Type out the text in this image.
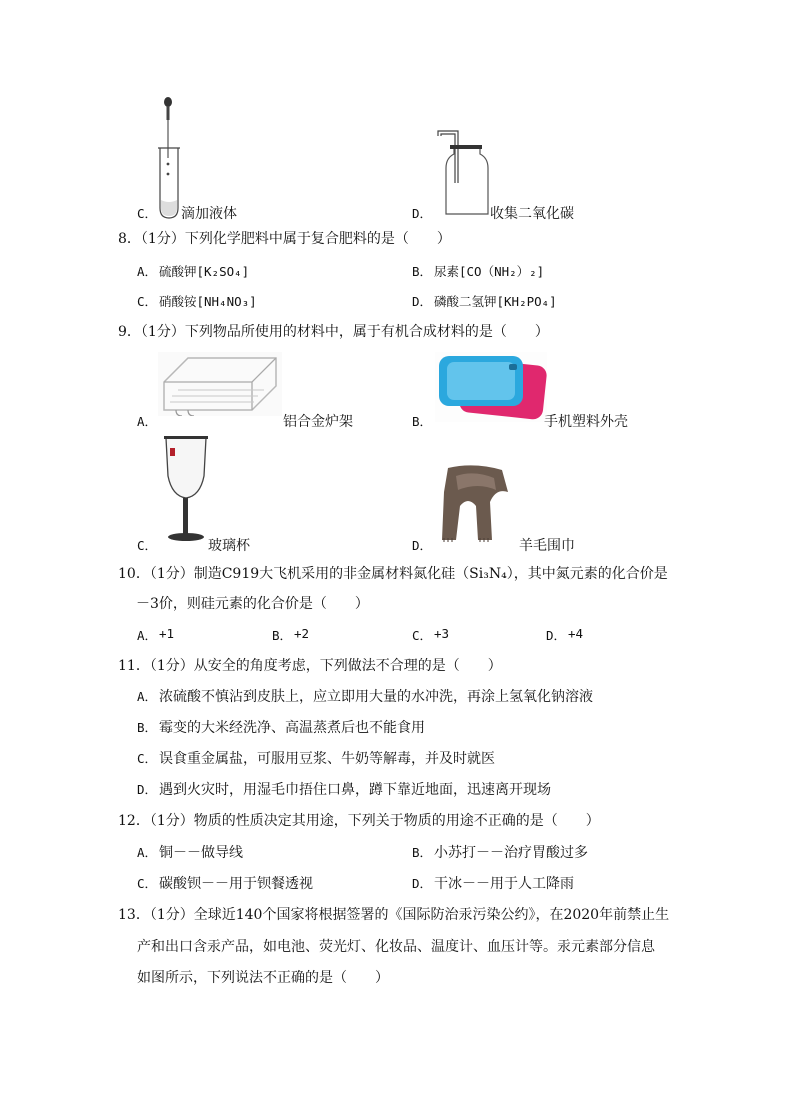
C． 滴加液体	D．	收集二氧化碳
8．（1分）下列化学肥料中属于复合肥料的是（　　）
A． 硫酸钾[K₂SO₄]	B． 尿素[CO（NH₂）₂]
C． 硝酸铵[NH₄NO₃]	D． 磷酸二氢钾[KH₂PO₄]
9．（1分）下列物品所使用的材料中，属于有机合成材料的是（　　）
A．	铝合金炉架	B．	手机塑料外壳
C．	玻璃杯	D．	羊毛围巾
10．（1分）制造C919大飞机采用的非金属材料氮化硅（Si₃N₄），其中氮元素的化合价是
－3价，则硅元素的化合价是（　　）
A． +1	B． +2	C． +3	D． +4
11．（1分）从安全的角度考虑，下列做法不合理的是（　　）
A． 浓硫酸不慎沾到皮肤上，应立即用大量的水冲洗，再涂上氢氧化钠溶液
B． 霉变的大米经洗净、高温蒸煮后也不能食用
C． 误食重金属盐，可服用豆浆、牛奶等解毒，并及时就医
D． 遇到火灾时，用湿毛巾捂住口鼻，蹲下靠近地面，迅速离开现场
12．（1分）物质的性质决定其用途，下列关于物质的用途不正确的是（　　）
A． 铜－－做导线	B． 小苏打－－治疗胃酸过多
C． 碳酸钡－－用于钡餐透视	D． 干冰－－用于人工降雨
13．（1分）全球近140个国家将根据签署的《国际防治汞污染公约》，在2020年前禁止生
产和出口含汞产品，如电池、荧光灯、化妆品、温度计、血压计等。汞元素部分信息
如图所示，下列说法不正确的是（　　）
